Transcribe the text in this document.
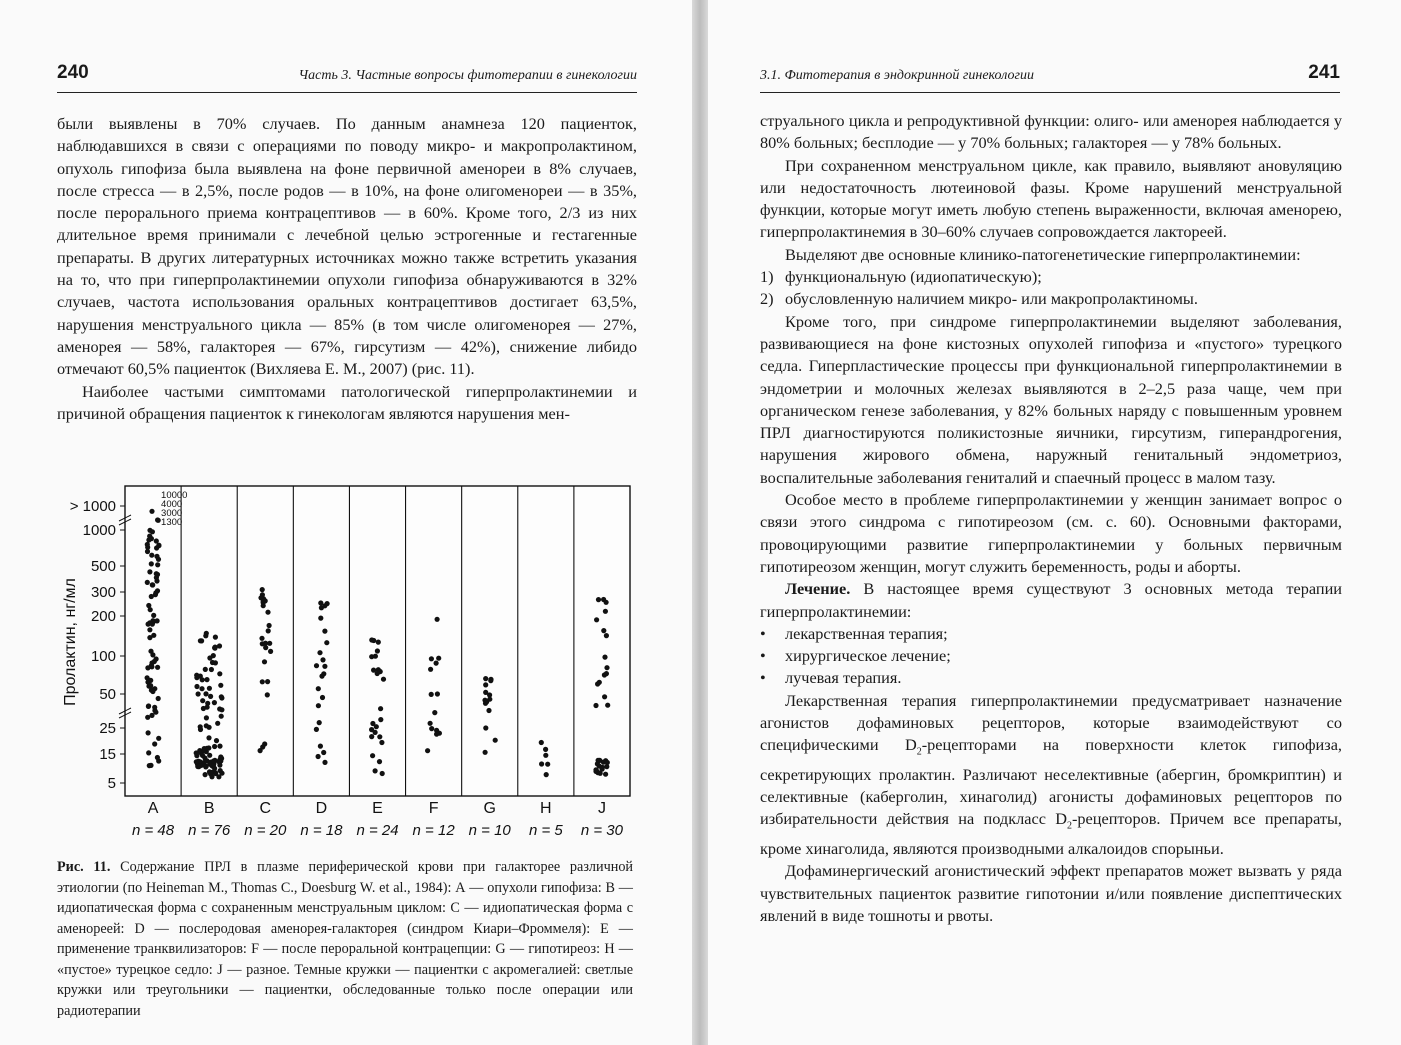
240	Часть 3. Частные вопросы фитотерапии в гинекологии

были выявлены в 70% случаев. По данным анамнеза 120 пациенток, наблюдавшихся в связи с операциями по поводу микро- и макропролактином, опухоль гипофиза была выявлена на фоне первичной аменореи в 8% случаев, после стресса — в 2,5%, после родов — в 10%, на фоне олигоменореи — в 35%, после перорального приема контрацептивов — в 60%. Кроме того, 2/3 из них длительное время принимали с лечебной целью эстрогенные и гестагенные препараты. В других литературных источниках можно также встретить указания на то, что при гиперпролактинемии опухоли гипофиза обнаруживаются в 32% случаев, частота использования оральных контрацептивов достигает 63,5%, нарушения менструального цикла — 85% (в том числе олигоменорея — 27%, аменорея — 58%, галакторея — 67%, гирсутизм — 42%), снижение либидо отмечают 60,5% пациенток (Вихляева Е. М., 2007) (рис. 11).

Наиболее частыми симптомами патологической гиперпролактинемии и причиной обращения пациенток к гинекологам являются нарушения мен-

> 1000
1000
500
300
200
100
50
25
15
5
10000
4000
3000
1300
A	B	C	D	E	F	G	H	J
n = 48 n = 76 n = 20 n = 18 n = 24 n = 12 n = 10 n = 5 n = 30
Пролактин, нг/мл
Рис. 11. Содержание ПРЛ в плазме периферической крови при галакторее различной этиологии (по Heineman M., Thomas C., Doesburg W. et al., 1984): А — опухоли гипофиза: В — идиопатическая форма с сохраненным менструальным циклом: С — идиопатическая форма с аменореей: D — послеродовая аменорея-галакторея (синдром Киари–Фроммеля): Е — применение транквилизаторов: F — после пероральной контрацепции: G — гипотиреоз: Н — «пустое» турецкое седло: J — разное. Темные кружки — пациентки с акромегалией: светлые кружки или треугольники — пациентки, обследованные только после операции или радиотерапии
3.1. Фитотерапия в эндокринной гинекологии	241

струального цикла и репродуктивной функции: олиго- или аменорея наблюдается у 80% больных; бесплодие — у 70% больных; галакторея — у 78% больных.

При сохраненном менструальном цикле, как правило, выявляют ановуляцию или недостаточность лютеиновой фазы. Кроме нарушений менструальной функции, которые могут иметь любую степень выраженности, включая аменорею, гиперпролактинемия в 30–60% случаев сопровождается лактореей.

Выделяют две основные клинико-патогенетические гиперпролактинемии:

1) функциональную (идиопатическую);
2) обусловленную наличием микро- или макропролактиномы.

Кроме того, при синдроме гиперпролактинемии выделяют заболевания, развивающиеся на фоне кистозных опухолей гипофиза и «пустого» турецкого седла. Гиперпластические процессы при функциональной гиперпролактинемии в эндометрии и молочных железах выявляются в 2–2,5 раза чаще, чем при органическом генезе заболевания, у 82% больных наряду с повышенным уровнем ПРЛ диагностируются поликистозные яичники, гирсутизм, гиперандрогения, нарушения жирового обмена, наружный генитальный эндометриоз, воспалительные заболевания гениталий и спаечный процесс в малом тазу.

Особое место в проблеме гиперпролактинемии у женщин занимает вопрос о связи этого синдрома с гипотиреозом (см. с. 60). Основными факторами, провоцирующими развитие гиперпролактинемии у больных первичным гипотиреозом женщин, могут служить беременность, роды и аборты.

Лечение. В настоящее время существуют 3 основных метода терапии гиперпролактинемии:

• лекарственная терапия;
• хирургическое лечение;
• лучевая терапия.

Лекарственная терапия гиперпролактинемии предусматривает назначение агонистов дофаминовых рецепторов, которые взаимодействуют со специфическими $D_2$-рецепторами на поверхности клеток гипофиза, секретирующих пролактин. Различают неселективные (абергин, бромкриптин) и селективные (каберголин, хинаголид) агонисты дофаминовых рецепторов по избирательности действия на подкласс $D_2$-рецепторов. Причем все препараты, кроме хинаголида, являются производными алкалоидов спорыньи.

Дофаминергический агонистический эффект препаратов может вызвать у ряда чувствительных пациенток развитие гипотонии и/или появление диспептических явлений в виде тошноты и рвоты.
